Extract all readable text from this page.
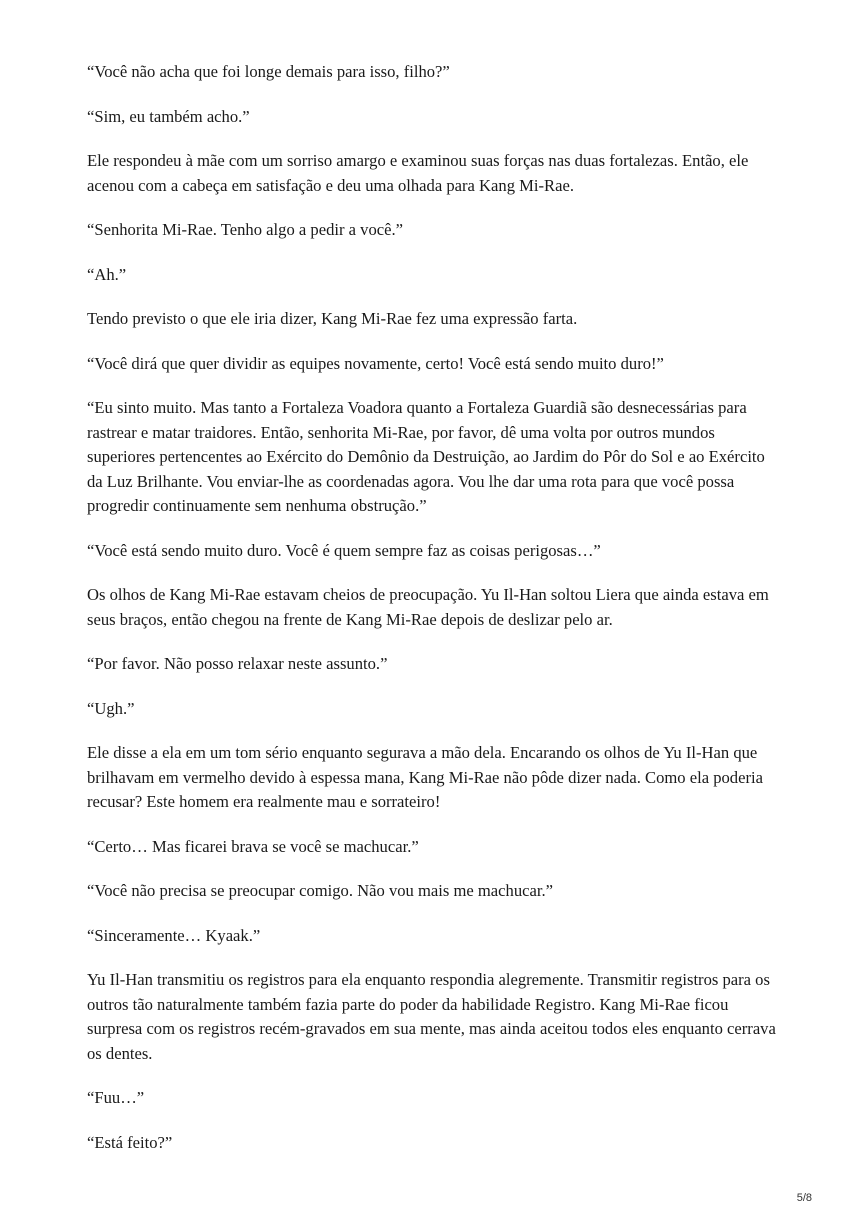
“Você não acha que foi longe demais para isso, filho?”

“Sim, eu também acho.”

Ele respondeu à mãe com um sorriso amargo e examinou suas forças nas duas fortalezas. Então, ele acenou com a cabeça em satisfação e deu uma olhada para Kang Mi-Rae.

“Senhorita Mi-Rae. Tenho algo a pedir a você.”

“Ah.”

Tendo previsto o que ele iria dizer, Kang Mi-Rae fez uma expressão farta.

“Você dirá que quer dividir as equipes novamente, certo! Você está sendo muito duro!”

“Eu sinto muito. Mas tanto a Fortaleza Voadora quanto a Fortaleza Guardiã são desnecessárias para rastrear e matar traidores. Então, senhorita Mi-Rae, por favor, dê uma volta por outros mundos superiores pertencentes ao Exército do Demônio da Destruição, ao Jardim do Pôr do Sol e ao Exército da Luz Brilhante. Vou enviar-lhe as coordenadas agora. Vou lhe dar uma rota para que você possa progredir continuamente sem nenhuma obstrução.”

“Você está sendo muito duro. Você é quem sempre faz as coisas perigosas…”

Os olhos de Kang Mi-Rae estavam cheios de preocupação. Yu Il-Han soltou Liera que ainda estava em seus braços, então chegou na frente de Kang Mi-Rae depois de deslizar pelo ar.

“Por favor. Não posso relaxar neste assunto.”

“Ugh.”

Ele disse a ela em um tom sério enquanto segurava a mão dela. Encarando os olhos de Yu Il-Han que brilhavam em vermelho devido à espessa mana, Kang Mi-Rae não pôde dizer nada. Como ela poderia recusar? Este homem era realmente mau e sorrateiro!

“Certo… Mas ficarei brava se você se machucar.”

“Você não precisa se preocupar comigo. Não vou mais me machucar.”

“Sinceramente… Kyaak.”

Yu Il-Han transmitiu os registros para ela enquanto respondia alegremente. Transmitir registros para os outros tão naturalmente também fazia parte do poder da habilidade Registro. Kang Mi-Rae ficou surpresa com os registros recém-gravados em sua mente, mas ainda aceitou todos eles enquanto cerrava os dentes.

“Fuu…”

“Está feito?”

5/8
